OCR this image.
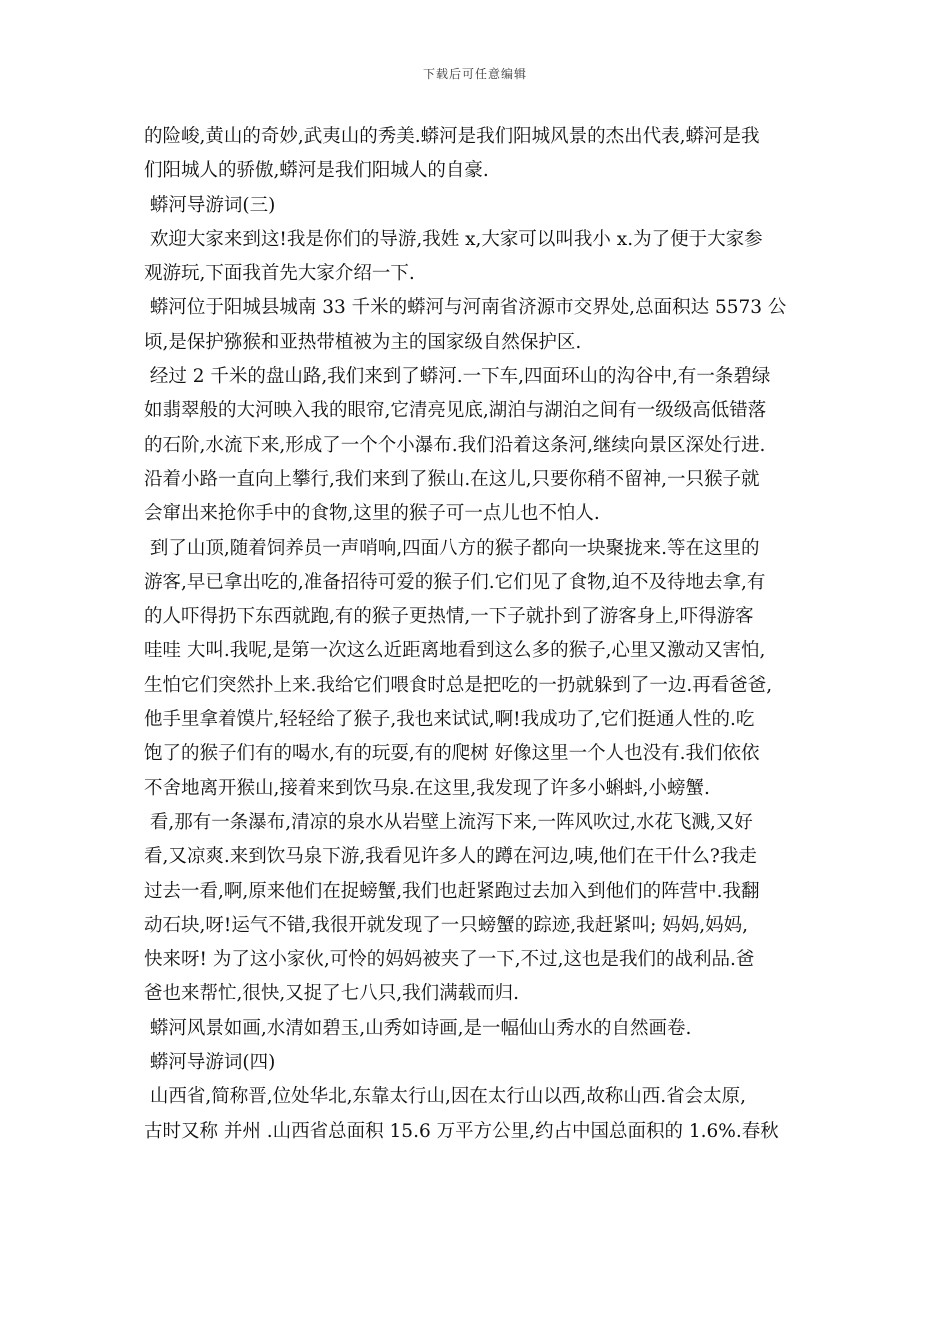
下载后可任意编辑
的险峻,黄山的奇妙,武夷山的秀美.蟒河是我们阳城风景的杰出代表,蟒河是我
们阳城人的骄傲,蟒河是我们阳城人的自豪.
蟒河导游词(三)
欢迎大家来到这!我是你们的导游,我姓 x,大家可以叫我小 x.为了便于大家参
观游玩,下面我首先大家介绍一下.
蟒河位于阳城县城南 33 千米的蟒河与河南省济源市交界处,总面积达 5573 公
顷,是保护猕猴和亚热带植被为主的国家级自然保护区.
经过 2 千米的盘山路,我们来到了蟒河.一下车,四面环山的沟谷中,有一条碧绿
如翡翠般的大河映入我的眼帘,它清亮见底,湖泊与湖泊之间有一级级高低错落
的石阶,水流下来,形成了一个个小瀑布.我们沿着这条河,继续向景区深处行进.
沿着小路一直向上攀行,我们来到了猴山.在这儿,只要你稍不留神,一只猴子就
会窜出来抢你手中的食物,这里的猴子可一点儿也不怕人.
到了山顶,随着饲养员一声哨响,四面八方的猴子都向一块聚拢来.等在这里的
游客,早已拿出吃的,准备招待可爱的猴子们.它们见了食物,迫不及待地去拿,有
的人吓得扔下东西就跑,有的猴子更热情,一下子就扑到了游客身上,吓得游客
哇哇 大叫.我呢,是第一次这么近距离地看到这么多的猴子,心里又激动又害怕,
生怕它们突然扑上来.我给它们喂食时总是把吃的一扔就躲到了一边.再看爸爸,
他手里拿着馍片,轻轻给了猴子,我也来试试,啊!我成功了,它们挺通人性的.吃
饱了的猴子们有的喝水,有的玩耍,有的爬树 好像这里一个人也没有.我们依依
不舍地离开猴山,接着来到饮马泉.在这里,我发现了许多小蝌蚪,小螃蟹.
看,那有一条瀑布,清凉的泉水从岩壁上流泻下来,一阵风吹过,水花飞溅,又好
看,又凉爽.来到饮马泉下游,我看见许多人的蹲在河边,咦,他们在干什么?我走
过去一看,啊,原来他们在捉螃蟹,我们也赶紧跑过去加入到他们的阵营中.我翻
动石块,呀!运气不错,我很开就发现了一只螃蟹的踪迹,我赶紧叫; 妈妈,妈妈,
快来呀! 为了这小家伙,可怜的妈妈被夹了一下,不过,这也是我们的战利品.爸
爸也来帮忙,很快,又捉了七八只,我们满载而归.
蟒河风景如画,水清如碧玉,山秀如诗画,是一幅仙山秀水的自然画卷.
蟒河导游词(四)
山西省,简称晋,位处华北,东靠太行山,因在太行山以西,故称山西.省会太原,
古时又称 并州 .山西省总面积 15.6 万平方公里,约占中国总面积的 1.6%.春秋
